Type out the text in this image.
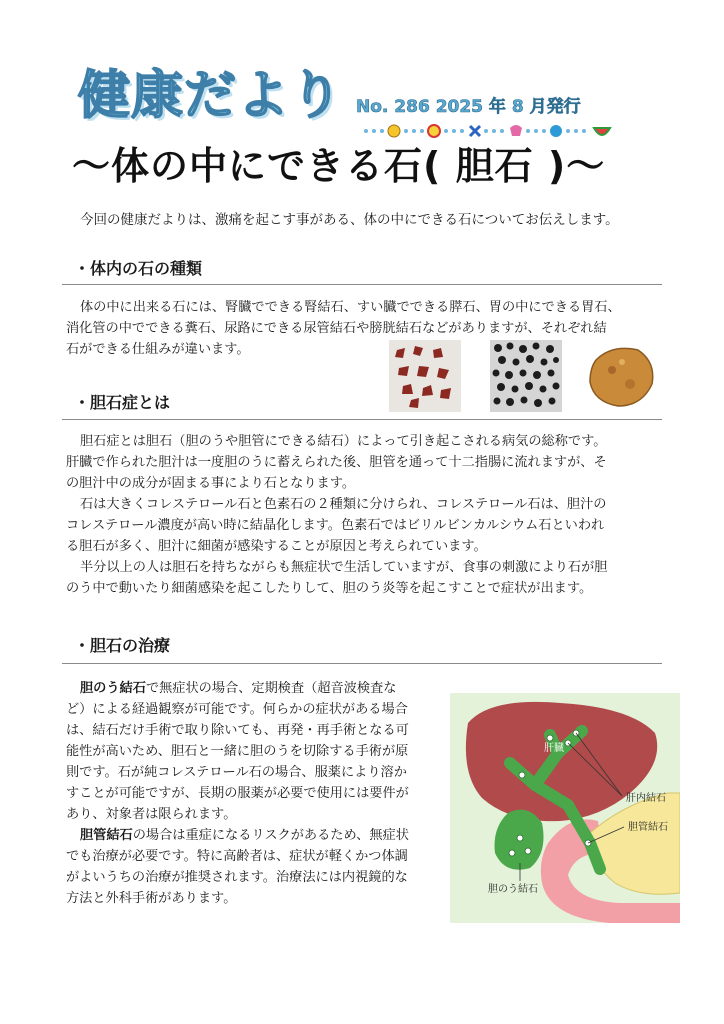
健康だより No. 286 2025 年 8 月発行
～体の中にできる石( 胆石 )～
今回の健康だよりは、激痛を起こす事がある、体の中にできる石についてお伝えします。
・体内の石の種類

体の中に出来る石には、腎臓でできる腎結石、すい臓でできる膵石、胃の中にできる胃石、

消化管の中でできる糞石、尿路にできる尿管結石や膀胱結石などがありますが、それぞれ結

石ができる仕組みが違います。

・胆石症とは

胆石症とは胆石（胆のうや胆管にできる結石）によって引き起こされる病気の総称です。

肝臓で作られた胆汁は一度胆のうに蓄えられた後、胆管を通って十二指腸に流れますが、そ

の胆汁中の成分が固まる事により石となります。

石は大きくコレステロール石と色素石の２種類に分けられ、コレステロール石は、胆汁の

コレステロール濃度が高い時に結晶化します。色素石ではビリルビンカルシウム石といわれ

る胆石が多く、胆汁に細菌が感染することが原因と考えられています。

半分以上の人は胆石を持ちながらも無症状で生活していますが、食事の刺激により石が胆

のう中で動いたり細菌感染を起こしたりして、胆のう炎等を起こすことで症状が出ます。

・胆石の治療

胆のう結石で無症状の場合、定期検査（超音波検査な

ど）による経過観察が可能です。何らかの症状がある場合

は、結石だけ手術で取り除いても、再発・再手術となる可

能性が高いため、胆石と一緒に胆のうを切除する手術が原

則です。石が純コレステロール石の場合、服薬により溶か

すことが可能ですが、長期の服薬が必要で使用には要件が

あり、対象者は限られます。

胆管結石の場合は重症になるリスクがあるため、無症状

でも治療が必要です。特に高齢者は、症状が軽くかつ体調

がよいうちの治療が推奨されます。治療法には内視鏡的な

方法と外科手術があります。

肝臓
肝内結石
胆管結石
胆のう結石
